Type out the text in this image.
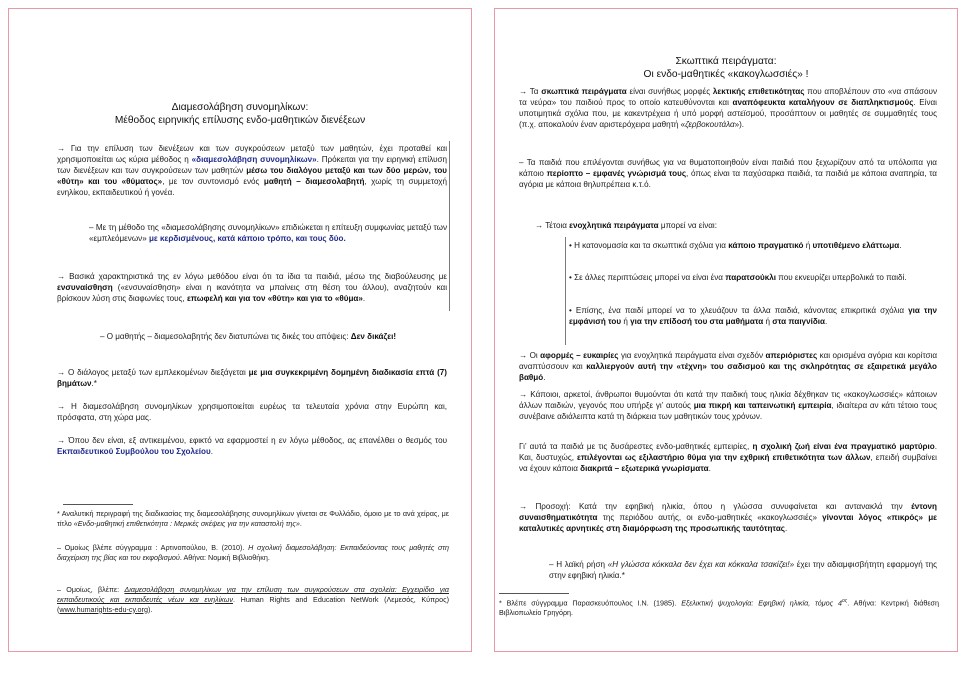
Διαμεσολάβηση συνομηλίκων:
Μέθοδος ειρηνικής επίλυσης ενδο-μαθητικών διενέξεων
→ Για την επίλυση των διενέξεων και των συγκρούσεων μεταξύ των μαθητών, έχει προταθεί και χρησιμοποιείται ως κύρια μέθοδος η «διαμεσολάβηση συνομηλίκων». Πρόκειται για την ειρηνική επίλυση των διενέξεων και των συγκρούσεων των μαθητών μέσω του διαλόγου μεταξύ και των δύο μερών, του «θύτη» και του «θύματος», με τον συντονισμό ενός μαθητή – διαμεσολαβητή, χωρίς τη συμμετοχή ενηλίκου, εκπαιδευτικού ή γονέα.
– Με τη μέθοδο της «διαμεσολάβησης συνομηλίκων» επιδιώκεται η επίτευξη συμφωνίας μεταξύ των «εμπλεόμενων» με κερδισμένους, κατά κάποιο τρόπο, και τους δύο.
→ Βασικά χαρακτηριστικά της εν λόγω μεθόδου είναι ότι τα ίδια τα παιδιά, μέσω της διαβούλευσης με ενσυναίσθηση («ενσυναίσθηση» είναι η ικανότητα να μπαίνεις στη θέση του άλλου), αναζητούν και βρίσκουν λύση στις διαφωνίες τους, επωφελή και για τον «θύτη» και για το «θύμα».
– Ο μαθητής – διαμεσολαβητής δεν διατυπώνει τις δικές του απόψεις: Δεν δικάζει!
→ Ο διάλογος μεταξύ των εμπλεκομένων διεξάγεται με μια συγκεκριμένη δομημένη διαδικασία επτά (7) βημάτων.*
→ Η διαμεσολάβηση συνομηλίκων χρησιμοποιείται ευρέως τα τελευταία χρόνια στην Ευρώπη και, πρόσφατα, στη χώρα μας.
→ Όπου δεν είναι, εξ αντικειμένου, εφικτό να εφαρμοστεί η εν λόγω μέθοδος, ας επανέλθει ο θεσμός του Εκπαιδευτικού Συμβούλου του Σχολείου.
* Αναλυτική περιγραφή της διαδικασίας της διαμεσολάβησης συνομηλίκων γίνεται σε Φυλλάδιο, όμοιο με το ανά χείρας, με τίτλο «Ενδο-μαθητική επιθετικότητα : Μερικές σκέψεις για την καταστολή της».
– Ομοίως βλέπε σύγγραμμα : Αρτινοπούλου, Β. (2010). Η σχολική διαμεσολάβηση: Εκπαιδεύοντας τους μαθητές στη διαχείριση της βίας και του εκφοβισμού. Αθήνα: Νομική Βιβλιοθήκη.
– Ομοίως, βλέπε: Διαμεσολάβηση συνομηλίκων για την επίλυση των συγκρούσεων στα σχολεία: Εγχειρίδιο για εκπαιδευτικούς και εκπαιδευτές νέων και ενηλίκων. Human Rights and Education NetWork (Λεμεσός, Κύπρος) (www.humarights-edu-cy.org).
Σκωπτικά πειράγματα:
Οι ενδο-μαθητικές «κακογλωσσιές» !
→ Τα σκωπτικά πειράγματα είναι συνήθως μορφές λεκτικής επιθετικότητας που αποβλέπουν στο «να σπάσουν τα νεύρα» του παιδιού προς το οποίο κατευθύνονται και αναπόφευκτα καταλήγουν σε διαπληκτισμούς. Είναι υποτιμητικά σχόλια που, με κακεντρέχεια ή υπό μορφή αστεϊσμού, προσάπτουν οι μαθητές σε συμμαθητές τους (π.χ. αποκαλούν έναν αριστερόχειρα μαθητή «ζερβοκουτάλα»).
– Τα παιδιά που επιλέγονται συνήθως για να θυματοποιηθούν είναι παιδιά που ξεχωρίζουν από τα υπόλοιπα για κάποιο περίοπτο – εμφανές γνώρισμά τους, όπως είναι τα παχύσαρκα παιδιά, τα παιδιά με κάποια αναπηρία, τα αγόρια με κάποια θηλυπρέπεια κ.τ.ό.
→ Τέτοια ενοχλητικά πειράγματα μπορεί να είναι:
• Η κατονομασία και τα σκωπτικά σχόλια για κάποιο πραγματικό ή υποτιθέμενο ελάττωμα.
• Σε άλλες περιπτώσεις μπορεί να είναι ένα παρατσούκλι που εκνευρίζει υπερβολικά το παιδί.
• Επίσης, ένα παιδί μπορεί να το χλευάζουν τα άλλα παιδιά, κάνοντας επικριτικά σχόλια για την εμφάνισή του ή για την επίδοσή του στα μαθήματα ή στα παιγνίδια.
→ Οι αφορμές – ευκαιρίες για ενοχλητικά πειράγματα είναι σχεδόν απεριόριστες και ορισμένα αγόρια και κορίτσια αναπτύσσουν και καλλιεργούν αυτή την «τέχνη» του σαδισμού και της σκληρότητας σε εξαιρετικά μεγάλο βαθμό.
→ Κάποιοι, αρκετοί, άνθρωποι θυμούνται ότι κατά την παιδική τους ηλικία δέχθηκαν τις «κακογλωσσιές» κάποιων άλλων παιδιών, γεγονός που υπήρξε γι’ αυτούς μια πικρή και ταπεινωτική εμπειρία, ιδιαίτερα αν κάτι τέτοιο τους συνέβαινε αδιάλειπτα κατά τη διάρκεια των μαθητικών τους χρόνων.
Γι’ αυτά τα παιδιά με τις δυσάρεστες ενδο-μαθητικές εμπειρίες, η σχολική ζωή είναι ένα πραγματικό μαρτύριο. Και, δυστυχώς, επιλέγονται ως εξιλαστήριο θύμα για την εχθρική επιθετικότητα των άλλων, επειδή συμβαίνει να έχουν κάποια διακριτά – εξωτερικά γνωρίσματα.
→ Προσοχή: Κατά την εφηβική ηλικία, όπου η γλώσσα συνυφαίνεται και αντανακλά την έντονη συναισθηματικότητα της περιόδου αυτής, οι ενδο-μαθητικές «κακογλωσσιές» γίνονται λόγος «πικρός» με καταλυτικές αρνητικές στη διαμόρφωση της προσωπικής ταυτότητας.
– Η λαϊκή ρήση «Η γλώσσα κόκκαλα δεν έχει και κόκκαλα τσακίζει!» έχει την αδιαμφισβήτητη εφαρμογή της στην εφηβική ηλικία.*
* Βλέπε σύγγραμμα Παρασκευόπουλος Ι.Ν. (1985). Εξελικτική ψυχολογία: Εφηβική ηλικία, τόμος $4^{o\varsigma}$. Αθήνα: Κεντρική διάθεση Βιβλιοπωλείο Γρηγόρη.
